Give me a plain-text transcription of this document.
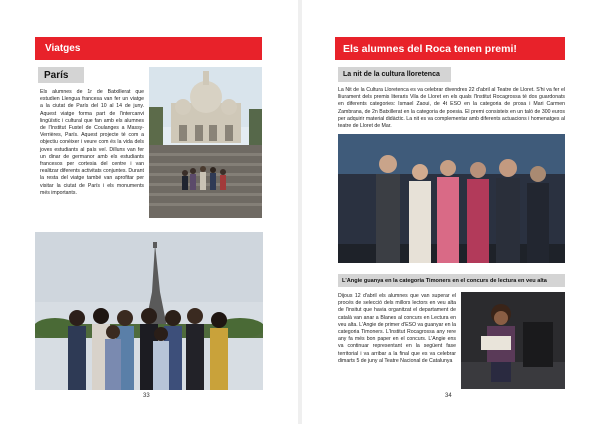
Viatges
París

Els alumnes de 1r de Batxillerat que estudien Llengua francesa van fer un viatge a la ciutat de París del 10 al 14 de juny. Aquest viatge forma part de l'intercanvi lingüístic i cultural que fan amb els alumnes de l'Institut Fustel de Coulanges a Massy-Verrières, París. Aquest projecte té com a objectiu conèixer i veure com és la vida dels joves estudiants al país veí. Dilluns van fer un dinar de germanor amb els estudiants francesos per cortesia del centre i van realitzar diferents activitats conjuntes. Durant la resta del viatge també van aprofitar per visitar la ciutat de París i els monuments més importants.

33
Els alumnes del Roca tenen premi!
La nit de la cultura lloretenca

La Nit de la Cultura Lloretenca es va celebrar divendres 22 d'abril al Teatre de Lloret. S'hi va fer el lliurament dels premis literaris Vila de Lloret en els quals l'Institut Rocagrossa té dos guardonats en diferents categories: Ismael Zaoui, de 4t ESO en la categoria de prosa i Mari Carmen Zambrana, de 2n Batxillerat en la categoria de poesia. El premi consisteix en un taló de 300 euros per adquirir material didàctic. La nit es va complementar amb diferents actuacions i homenatges al teatre de Lloret de Mar.

L'Angie guanya en la categoria Timoners en el concurs de lectura en veu alta

Dijous 12 d'abril els alumnes que van superar el procés de selecció dels millors lectors en veu alta de l'insitut que havia organitzat el departament de català van anar a Blanes al concurs en Lectura en veu alta. L'Angie de primer d'ESO va guanyar en la categoria Timoners. L'Institut Rocagrossa any rere any fa més bon paper en el concurs. L'Angie ens va continuar representant en la següent fase territorial i va arribar a la final que es va celebrar dimarts 5 de juny al Teatre Nacional de Catalunya

34
